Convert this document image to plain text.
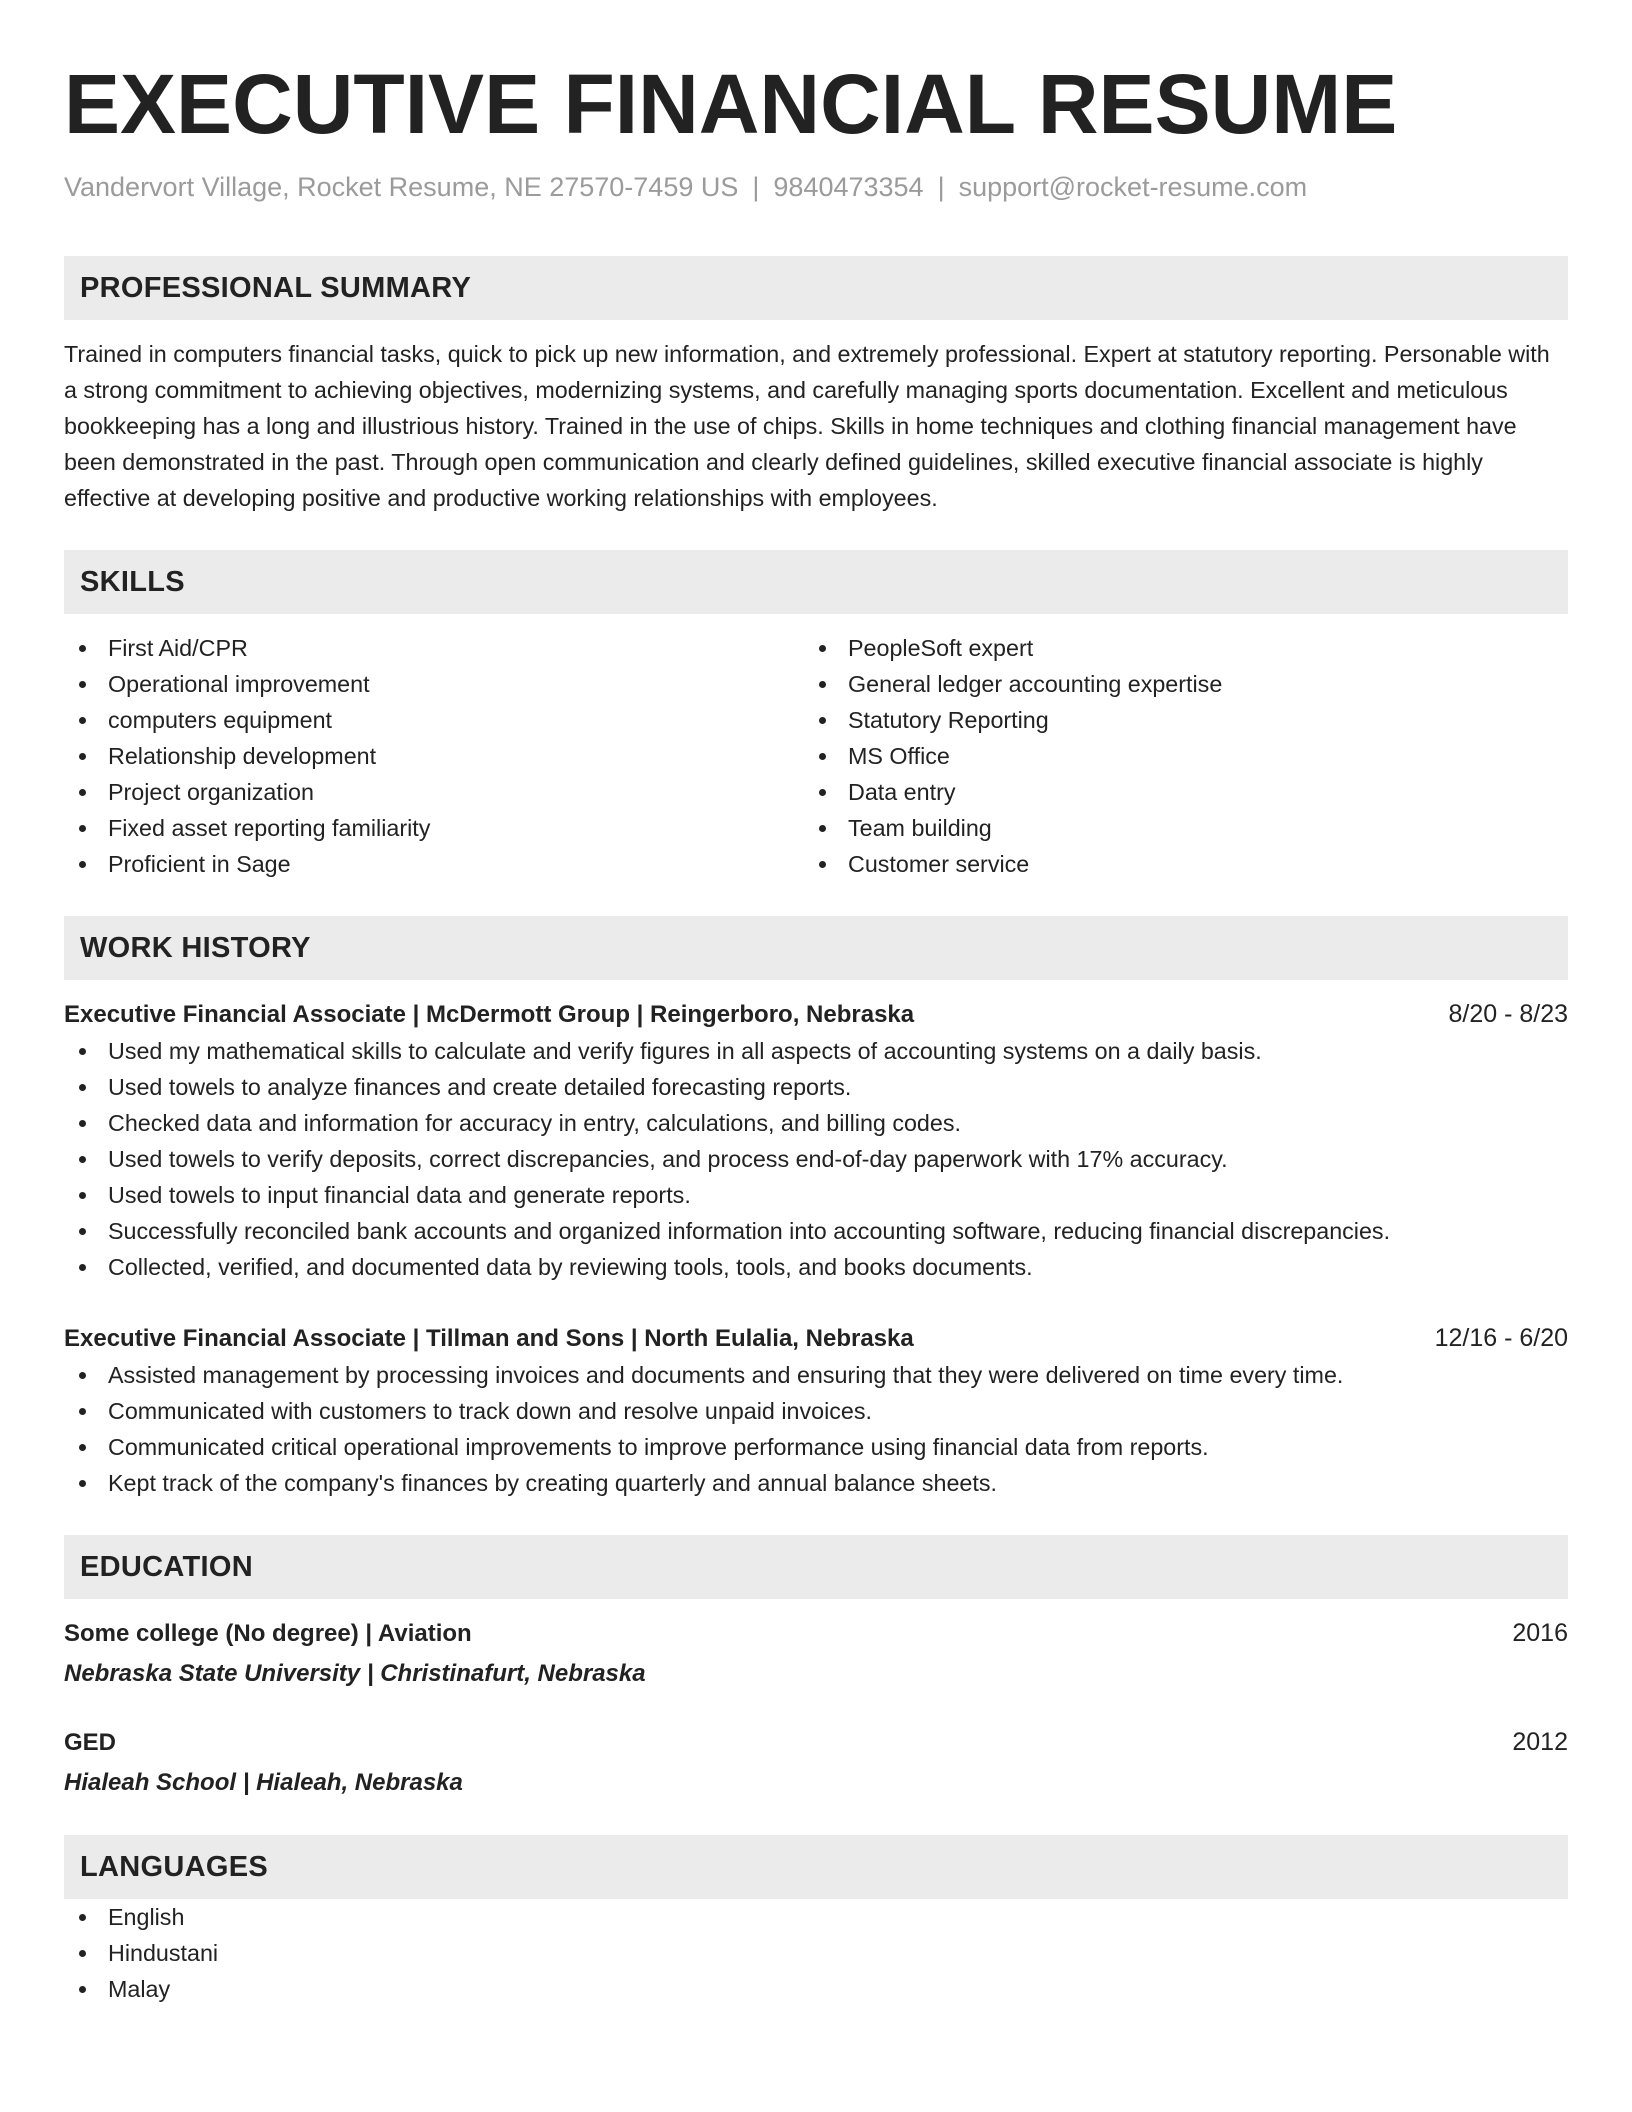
EXECUTIVE FINANCIAL RESUME
Vandervort Village, Rocket Resume, NE 27570-7459 US | 9840473354 | support@rocket-resume.com
PROFESSIONAL SUMMARY

Trained in computers financial tasks, quick to pick up new information, and extremely professional. Expert at statutory reporting. Personable with a strong commitment to achieving objectives, modernizing systems, and carefully managing sports documentation. Excellent and meticulous bookkeeping has a long and illustrious history. Trained in the use of chips. Skills in home techniques and clothing financial management have been demonstrated in the past. Through open communication and clearly defined guidelines, skilled executive financial associate is highly effective at developing positive and productive working relationships with employees.

SKILLS
First Aid/CPR
Operational improvement
computers equipment
Relationship development
Project organization
Fixed asset reporting familiarity
Proficient in Sage
PeopleSoft expert
General ledger accounting expertise
Statutory Reporting
MS Office
Data entry
Team building
Customer service
WORK HISTORY
Executive Financial Associate | McDermott Group | Reingerboro, Nebraska	8/20 - 8/23
Used my mathematical skills to calculate and verify figures in all aspects of accounting systems on a daily basis.
Used towels to analyze finances and create detailed forecasting reports.
Checked data and information for accuracy in entry, calculations, and billing codes.
Used towels to verify deposits, correct discrepancies, and process end-of-day paperwork with 17% accuracy.
Used towels to input financial data and generate reports.
Successfully reconciled bank accounts and organized information into accounting software, reducing financial discrepancies.
Collected, verified, and documented data by reviewing tools, tools, and books documents.
Executive Financial Associate | Tillman and Sons | North Eulalia, Nebraska	12/16 - 6/20
Assisted management by processing invoices and documents and ensuring that they were delivered on time every time.
Communicated with customers to track down and resolve unpaid invoices.
Communicated critical operational improvements to improve performance using financial data from reports.
Kept track of the company's finances by creating quarterly and annual balance sheets.
EDUCATION
Some college (No degree) | Aviation	2016
Nebraska State University | Christinafurt, Nebraska
GED	2012
Hialeah School | Hialeah, Nebraska
LANGUAGES
English
Hindustani
Malay
